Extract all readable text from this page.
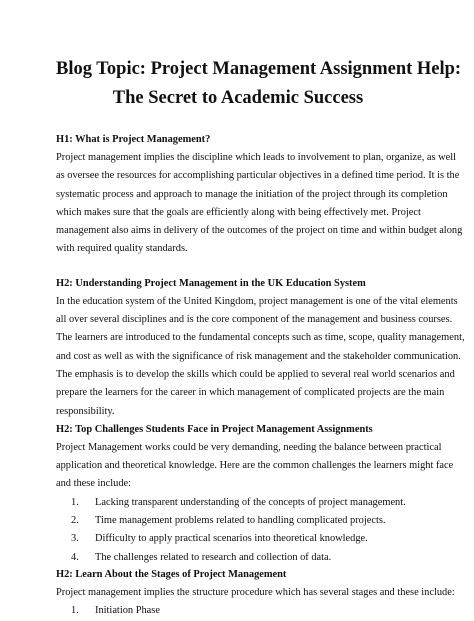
Blog Topic: Project Management Assignment Help:
The Secret to Academic Success
H1: What is Project Management?

Project management implies the discipline which leads to involvement to plan, organize, as well
as oversee the resources for accomplishing particular objectives in a defined time period. It is the
systematic process and approach to manage the initiation of the project through its completion
which makes sure that the goals are efficiently along with being effectively met. Project
management also aims in delivery of the outcomes of the project on time and within budget along
with required quality standards.

H2: Understanding Project Management in the UK Education System

In the education system of the United Kingdom, project management is one of the vital elements
all over several disciplines and is the core component of the management and business courses.
The learners are introduced to the fundamental concepts such as time, scope, quality management,
and cost as well as with the significance of risk management and the stakeholder communication.
The emphasis is to develop the skills which could be applied to several real world scenarios and
prepare the learners for the career in which management of complicated projects are the main
responsibility.

H2: Top Challenges Students Face in Project Management Assignments

Project Management works could be very demanding, needing the balance between practical
application and theoretical knowledge. Here are the common challenges the learners might face
and these include:

1. Lacking transparent understanding of the concepts of project management.
2. Time management problems related to handling complicated projects.
3. Difficulty to apply practical scenarios into theoretical knowledge.
4. The challenges related to research and collection of data.
H2: Learn About the Stages of Project Management

Project management implies the structure procedure which has several stages and these include:

1. Initiation Phase
